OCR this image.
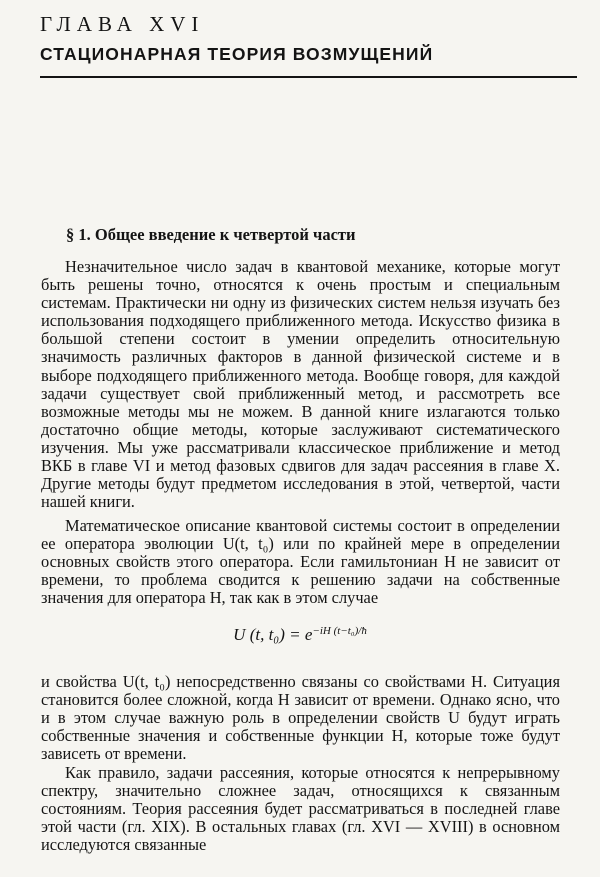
ГЛАВА XVI
СТАЦИОНАРНАЯ ТЕОРИЯ ВОЗМУЩЕНИЙ
§ 1. Общее введение к четвертой части

Незначительное число задач в квантовой механике, которые могут быть решены точно, относятся к очень простым и специальным системам. Практически ни одну из физических систем нельзя изучать без использования подходящего приближенного метода. Искусство физика в большой степени состоит в умении определить относительную значимость различных факторов в данной физической системе и в выборе подходящего приближенного метода. Вообще говоря, для каждой задачи существует свой приближенный метод, и рассмотреть все возможные методы мы не можем. В данной книге излагаются только достаточно общие методы, которые заслуживают систематического изучения. Мы уже рассматривали классическое приближение и метод ВКБ в главе VI и метод фазовых сдвигов для задач рассеяния в главе X. Другие методы будут предметом исследования в этой, четвертой, части нашей книги.

Математическое описание квантовой системы состоит в определении ее оператора эволюции U(t, t₀) или по крайней мере в определении основных свойств этого оператора. Если гамильтониан H не зависит от времени, то проблема сводится к решению задачи на собственные значения для оператора H, так как в этом случае

U (t, $t_0) = e^{-iH (t-t_0)/ħ}$

и свойства U(t, t₀) непосредственно связаны со свойствами H. Ситуация становится более сложной, когда H зависит от времени. Однако ясно, что и в этом случае важную роль в определении свойств U будут играть собственные значения и собственные функции H, которые тоже будут зависеть от времени.

Как правило, задачи рассеяния, которые относятся к непрерывному спектру, значительно сложнее задач, относящихся к связанным состояниям. Теория рассеяния будет рассматриваться в последней главе этой части (гл. XIX). В остальных главах (гл. XVI — XVIII) в основном исследуются связанные
